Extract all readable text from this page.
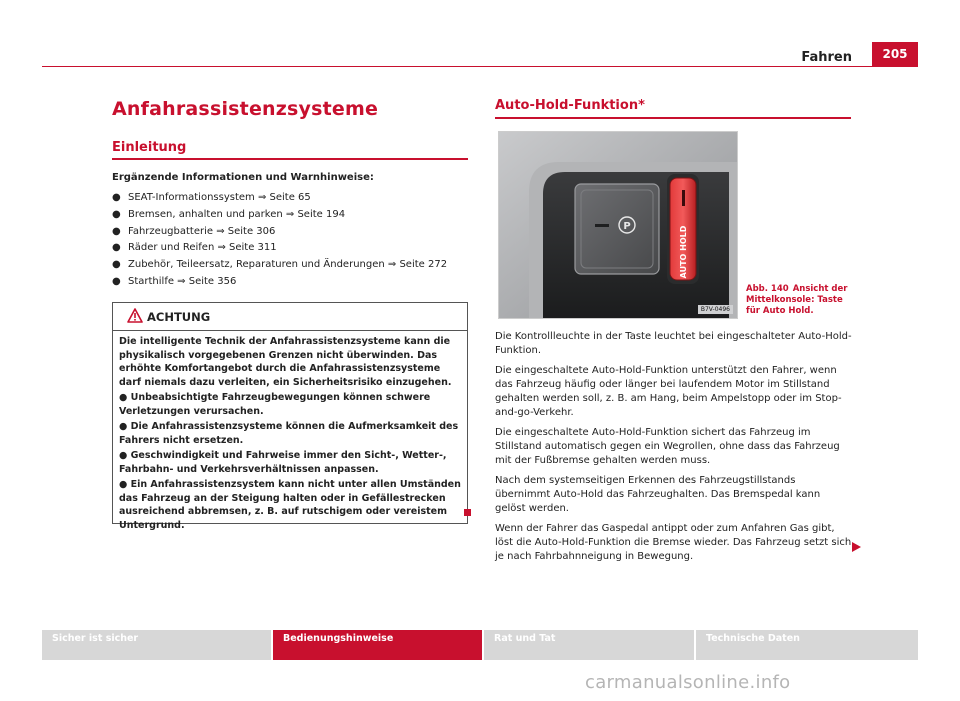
Fahren	205
Anfahrassistenzsysteme
Einleitung
Ergänzende Informationen und Warnhinweise:
● SEAT-Informationssystem ⇒ Seite 65
● Bremsen, anhalten und parken ⇒ Seite 194
● Fahrzeugbatterie ⇒ Seite 306
● Räder und Reifen ⇒ Seite 311
● Zubehör, Teileersatz, Reparaturen und Änderungen ⇒ Seite 272
● Starthilfe ⇒ Seite 356
ACHTUNG

Die intelligente Technik der Anfahrassistenzsysteme kann die physikalisch vorgegebenen Grenzen nicht überwinden. Das erhöhte Komfortangebot durch die Anfahrassistenzsysteme darf niemals dazu verleiten, ein Sicherheitsrisiko einzugehen.

● Unbeabsichtigte Fahrzeugbewegungen können schwere Verletzungen verursachen.

● Die Anfahrassistenzsysteme können die Aufmerksamkeit des Fahrers nicht ersetzen.

● Geschwindigkeit und Fahrweise immer den Sicht-, Wetter-, Fahrbahn- und Verkehrsverhältnissen anpassen.

● Ein Anfahrassistenzsystem kann nicht unter allen Umständen das Fahrzeug an der Steigung halten oder in Gefällestrecken ausreichend abbremsen, z. B. auf rutschigem oder vereistem Untergrund.

Auto-Hold-Funktion*
P	AUTO HOLD
B7V-0496
Abb. 140 Ansicht der Mittelkonsole: Taste für Auto Hold.

Die Kontrollleuchte in der Taste leuchtet bei eingeschalteter Auto-Hold-Funktion.

Die eingeschaltete Auto-Hold-Funktion unterstützt den Fahrer, wenn das Fahrzeug häufig oder länger bei laufendem Motor im Stillstand gehalten werden soll, z. B. am Hang, beim Ampelstopp oder im Stop-and-go-Verkehr.

Die eingeschaltete Auto-Hold-Funktion sichert das Fahrzeug im Stillstand automatisch gegen ein Wegrollen, ohne dass das Fahrzeug mit der Fußbremse gehalten werden muss.

Nach dem systemseitigen Erkennen des Fahrzeugstillstands übernimmt Auto-Hold das Fahrzeughalten. Das Bremspedal kann gelöst werden.

Wenn der Fahrer das Gaspedal antippt oder zum Anfahren Gas gibt, löst die Auto-Hold-Funktion die Bremse wieder. Das Fahrzeug setzt sich je nach Fahrbahnneigung in Bewegung.

Sicher ist sicher	Bedienungshinweise	Rat und Tat	Technische Daten
carmanualsonline.info
